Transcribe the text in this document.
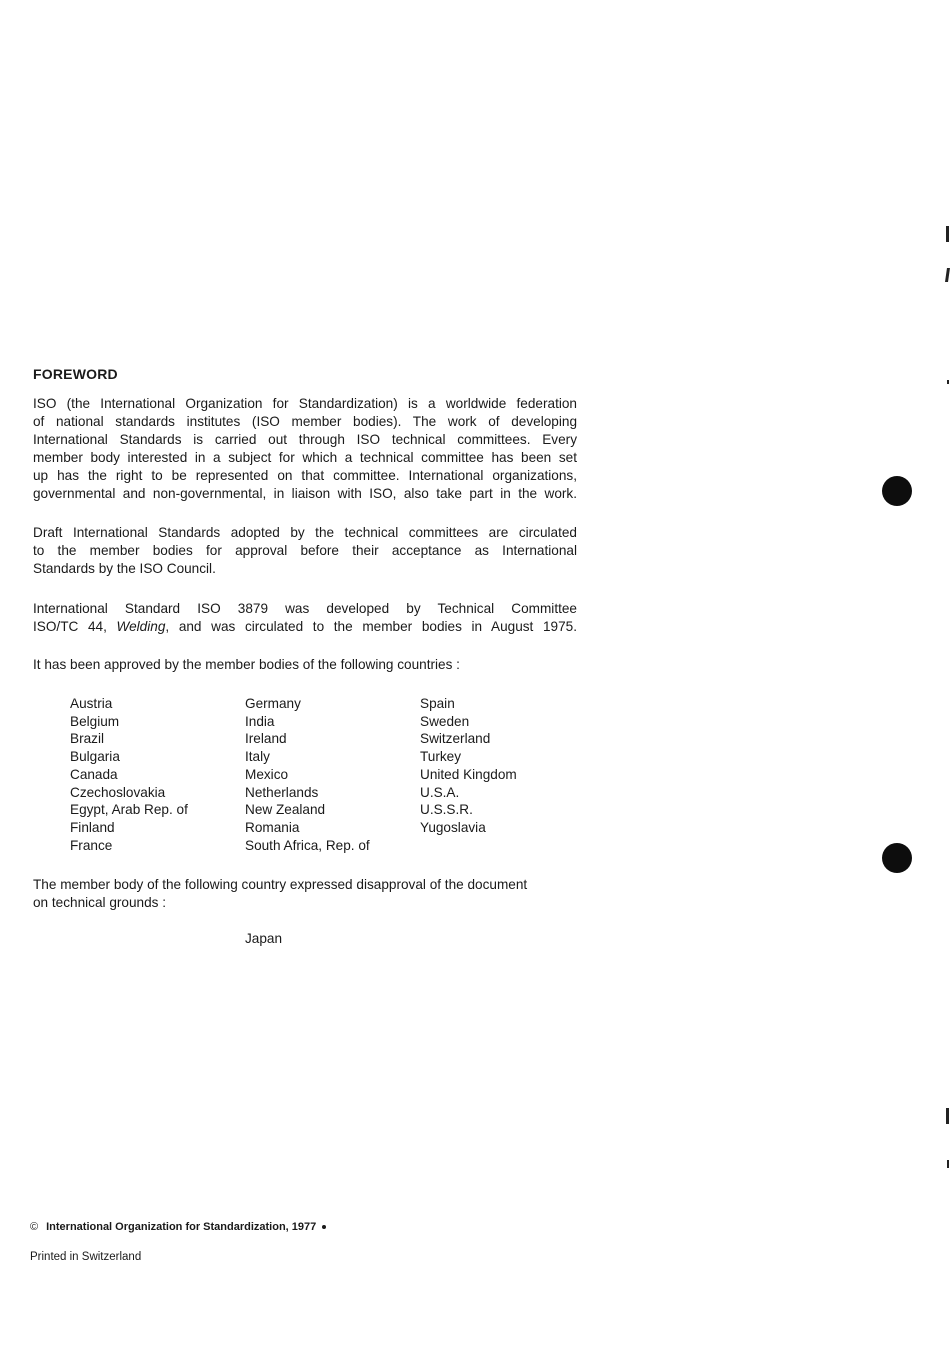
FOREWORD
ISO (the International Organization for Standardization) is a worldwide federation
of national standards institutes (ISO member bodies). The work of developing
International Standards is carried out through ISO technical committees. Every
member body interested in a subject for which a technical committee has been set
up has the right to be represented on that committee. International organizations,
governmental and non-governmental, in liaison with ISO, also take part in the work.
Draft International Standards adopted by the technical committees are circulated
to the member bodies for approval before their acceptance as International
Standards by the ISO Council.
International Standard ISO 3879 was developed by Technical Committee
ISO/TC 44, Welding, and was circulated to the member bodies in August 1975.
It has been approved by the member bodies of the following countries :
Austria
Belgium
Brazil
Bulgaria
Canada
Czechoslovakia
Egypt, Arab Rep. of
Finland
France
Germany
India
Ireland
Italy
Mexico
Netherlands
New Zealand
Romania
South Africa, Rep. of
Spain
Sweden
Switzerland
Turkey
United Kingdom
U.S.A.
U.S.S.R.
Yugoslavia
The member body of the following country expressed disapproval of the document
on technical grounds :
Japan
© International Organization for Standardization, 1977
Printed in Switzerland
